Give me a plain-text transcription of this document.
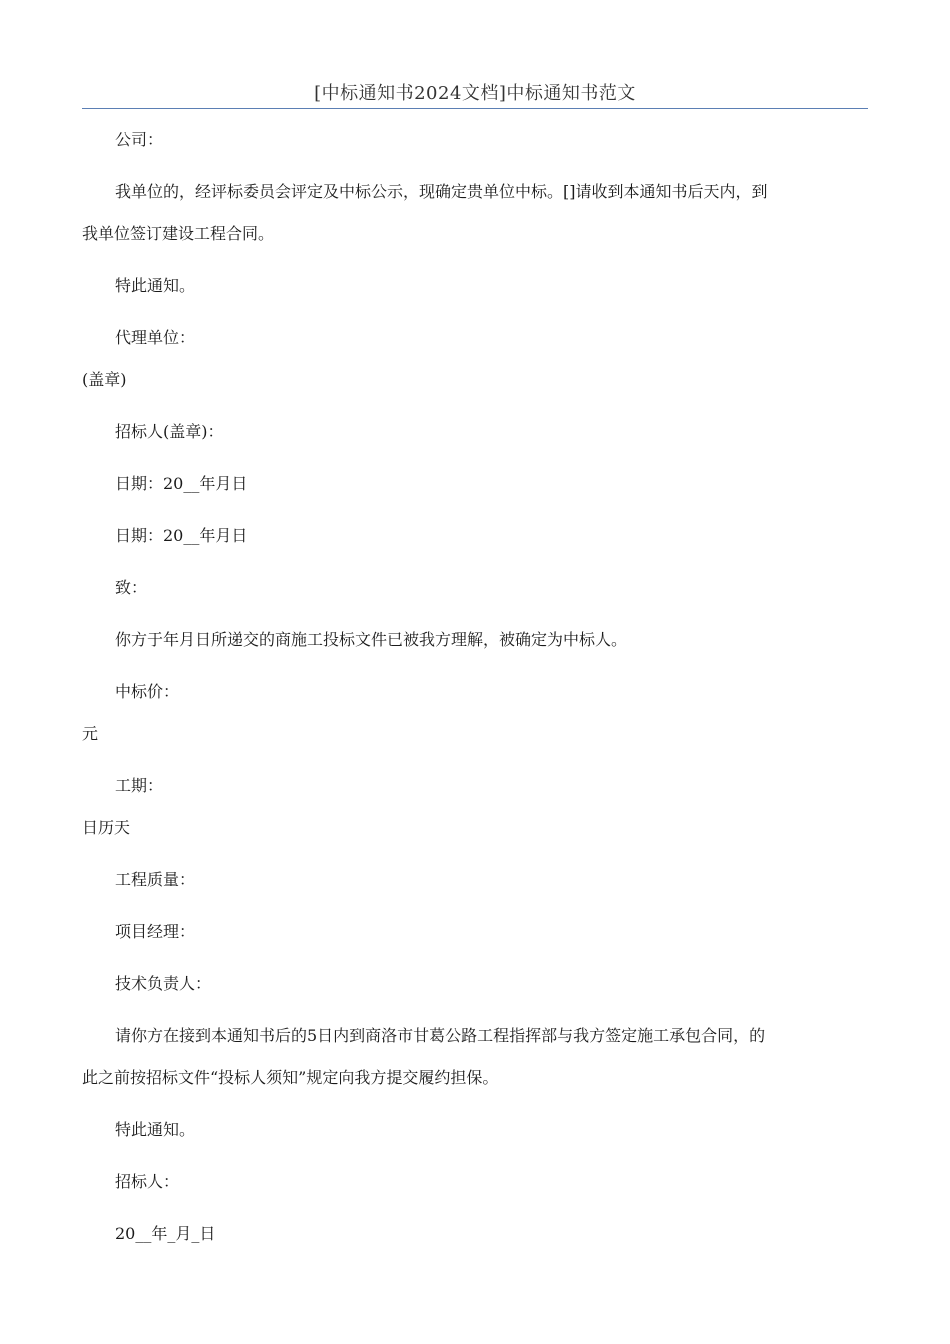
[中标通知书2024文档]中标通知书范文
公司：
我单位的，经评标委员会评定及中标公示，现确定贵单位中标。[]请收到本通知书后天内，到
我单位签订建设工程合同。
特此通知。
代理单位：
(盖章)
招标人(盖章)：
日期：20__年月日
日期：20__年月日
致：
你方于年月日所递交的商施工投标文件已被我方理解，被确定为中标人。
中标价：
元
工期：
日历天
工程质量：
项目经理：
技术负责人：
请你方在接到本通知书后的5日内到商洛市甘葛公路工程指挥部与我方签定施工承包合同，的
此之前按招标文件“投标人须知”规定向我方提交履约担保。
特此通知。
招标人：
20__年_月_日
